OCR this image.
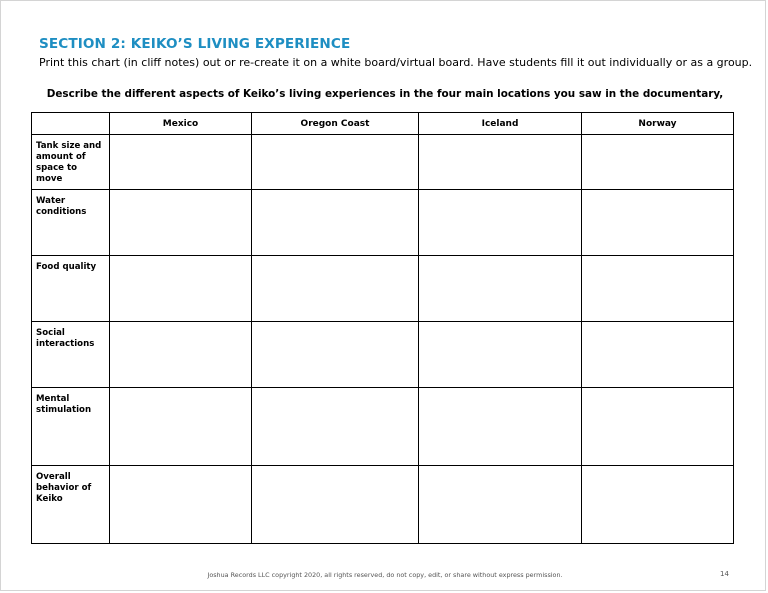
SECTION 2: KEIKO’S LIVING EXPERIENCE
Print this chart (in cliff notes) out or re-create it on a white board/virtual board. Have students fill it out individually or as a group.
Describe the different aspects of Keiko’s living experiences in the four main locations you saw in the documentary,
	Mexico	Oregon Coast	Iceland	Norway
Tank size and amount of space to move				
Water conditions				
Food quality				
Social interactions				
Mental stimulation				
Overall behavior of Keiko				
Joshua Records LLC copyright 2020, all rights reserved, do not copy, edit, or share without express permission.	14
